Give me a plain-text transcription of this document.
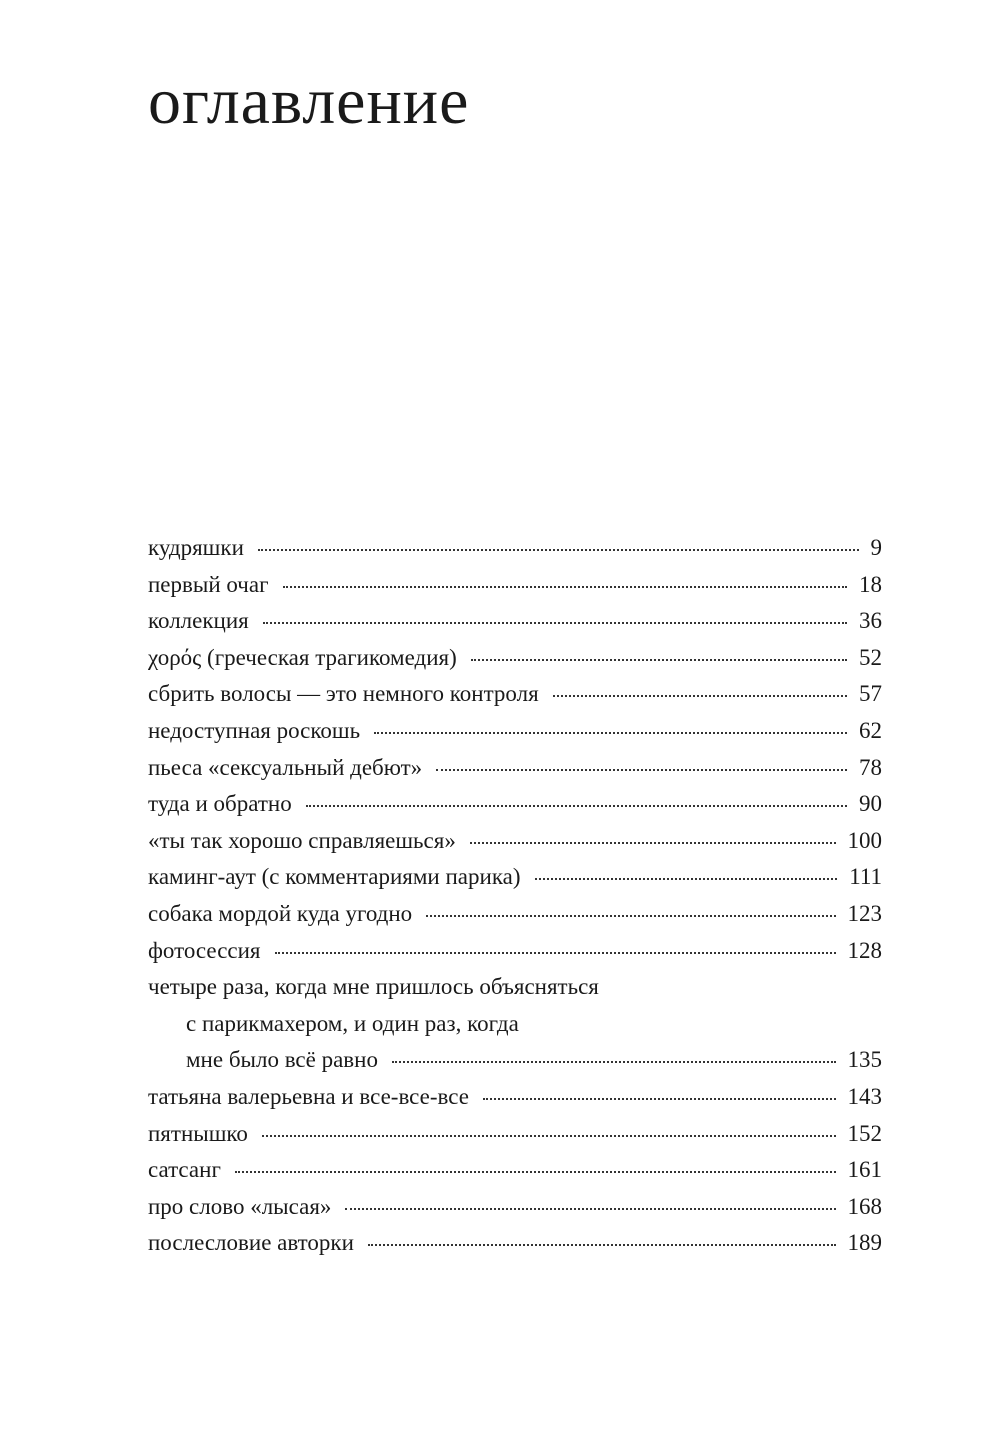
оглавление
кудряшки	9
первый очаг	18
коллекция	36
χορός (греческая трагикомедия)	52
сбрить волосы — это немного контроля	57
недоступная роскошь	62
пьеса «сексуальный дебют»	78
туда и обратно	90
«ты так хорошо справляешься»	100
каминг-аут (с комментариями парика)	111
собака мордой куда угодно	123
фотосессия	128
четыре раза, когда мне пришлось объясняться
с парикмахером, и один раз, когда
мне было всё равно	135
татьяна валерьевна и все-все-все	143
пятнышко	152
сатсанг	161
про слово «лысая»	168
послесловие авторки	189
